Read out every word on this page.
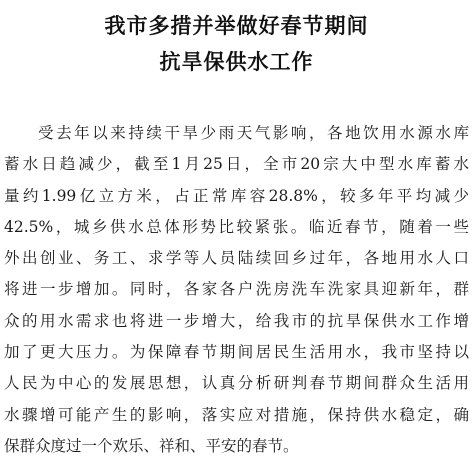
我市多措并举做好春节期间
抗旱保供水工作
受去年以来持续干旱少雨天气影响，各地饮用水源水库
蓄水日趋减少，截至1月25日，全市20宗大中型水库蓄水
量约1.99亿立方米，占正常库容28.8%，较多年平均减少
42.5%，城乡供水总体形势比较紧张。临近春节，随着一些
外出创业、务工、求学等人员陆续回乡过年，各地用水人口
将进一步增加。同时，各家各户洗房洗车洗家具迎新年，群
众的用水需求也将进一步增大，给我市的抗旱保供水工作增
加了更大压力。为保障春节期间居民生活用水，我市坚持以
人民为中心的发展思想，认真分析研判春节期间群众生活用
水骤增可能产生的影响，落实应对措施，保持供水稳定，确
保群众度过一个欢乐、祥和、平安的春节。
